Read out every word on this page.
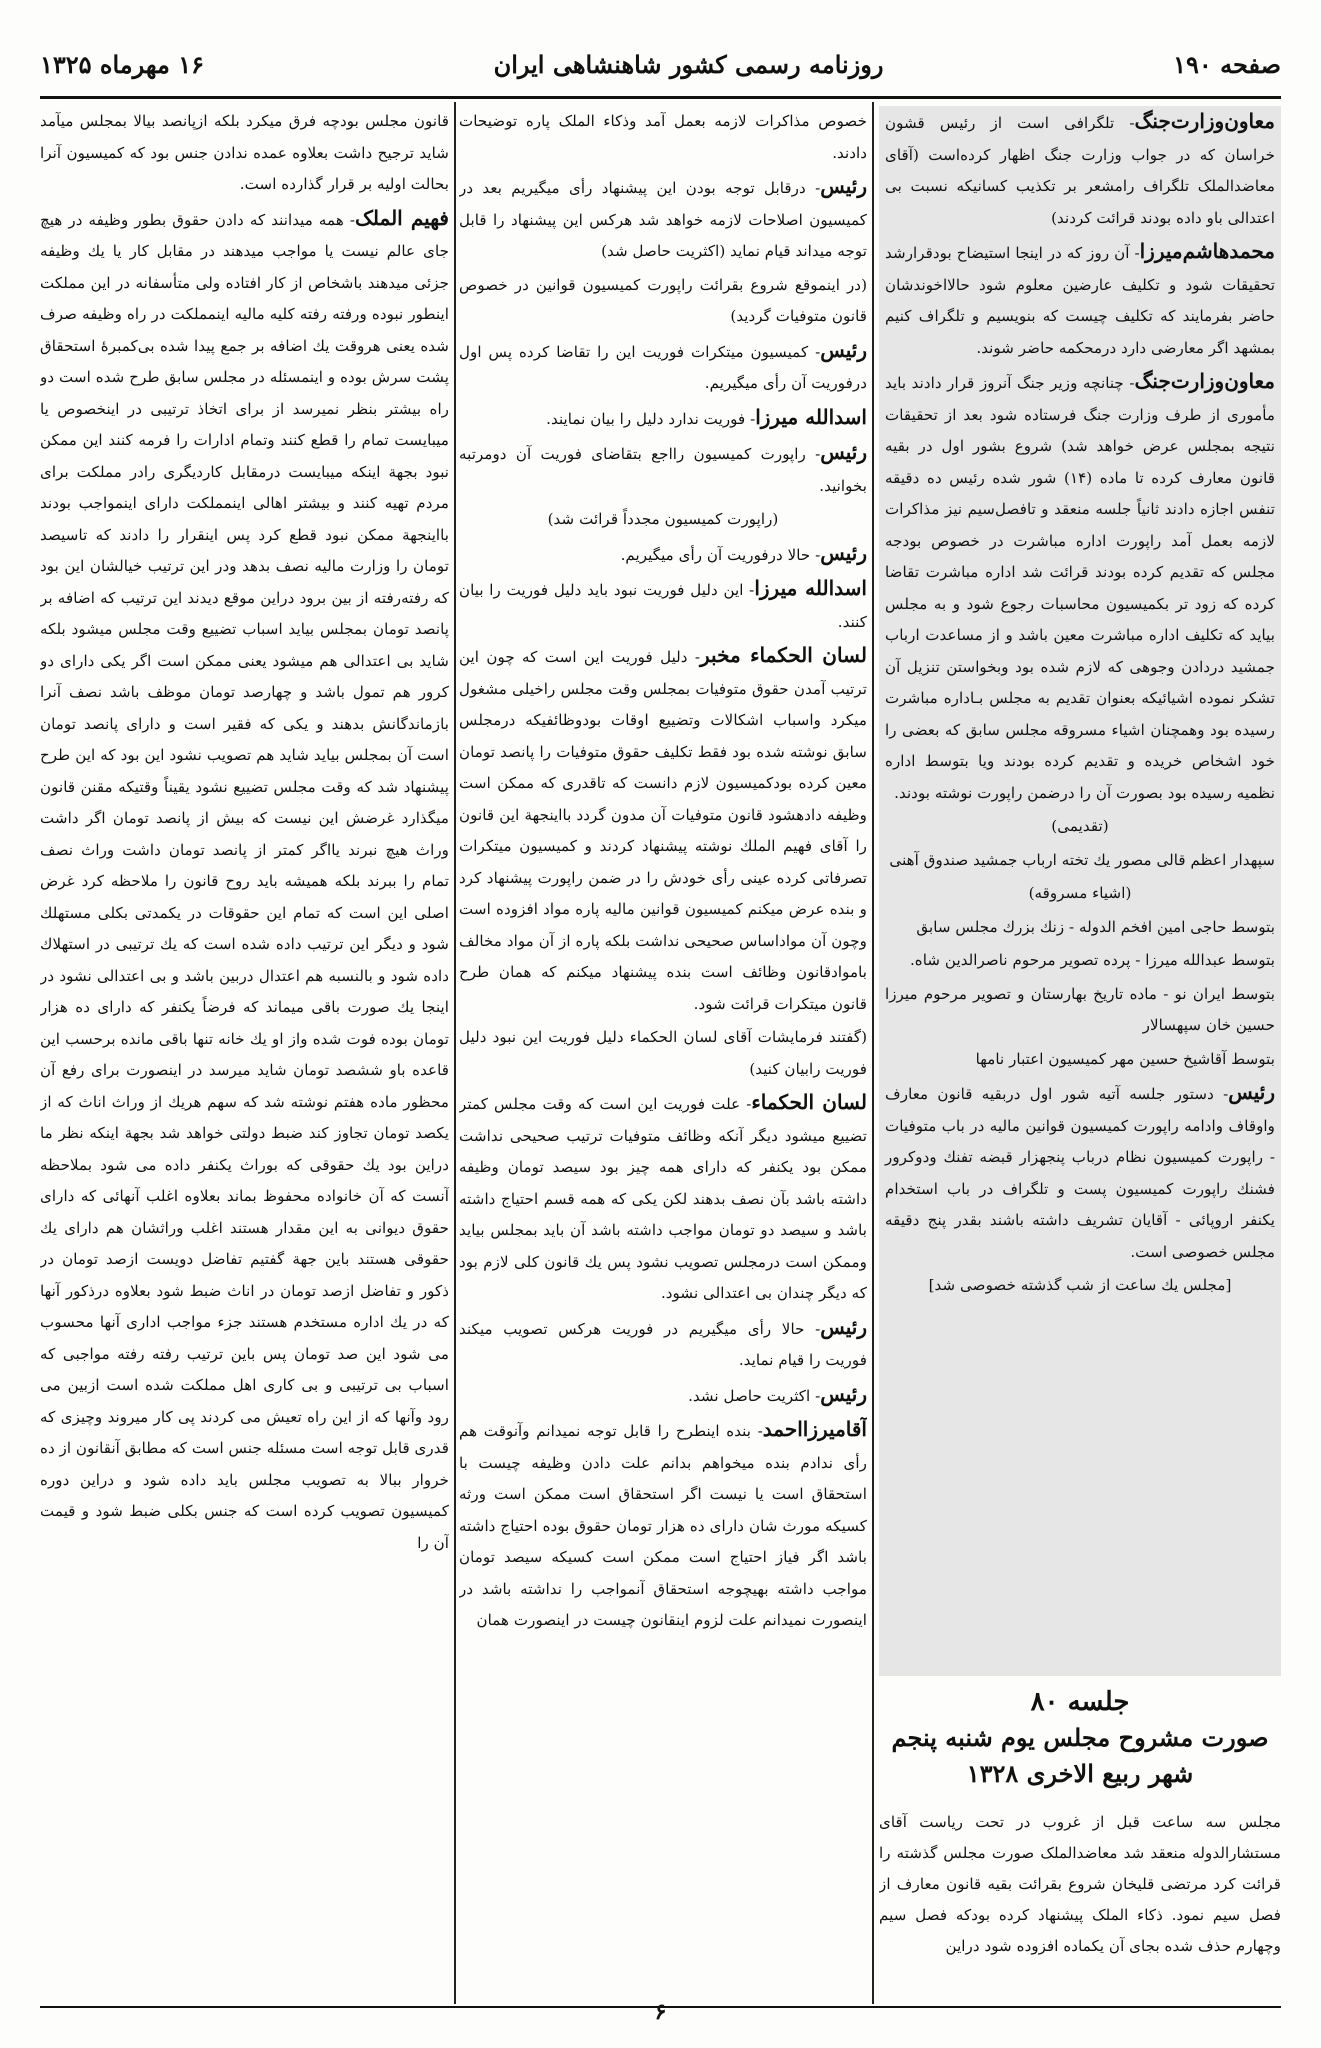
صفحه ۱۹۰
روزنامه رسمی کشور شاهنشاهی ایران
۱۶ مهرماه ۱۳۲۵

معاون‌وزارت‌جنگ- تلگرافی است از رئیس قشون خراسان که در جواب وزارت جنگ اظهار کرده‌است (آقای معاضدالملک تلگراف رامشعر بر تکذیب کسانیکه نسبت بی اعتدالی باو داده بودند قرائت کردند)

محمدهاشم‌میرزا- آن روز که در اینجا استیضاح بودقرارشد تحقیقات شود و تکلیف عارضین معلوم شود حالااخوندشان حاضر بفرمایند که تکلیف چیست که بنویسیم و تلگراف کنیم بمشهد اگر معارضی دارد درمحکمه حاضر شوند.

معاون‌وزارت‌جنگ- چنانچه وزیر جنگ آنروز قرار دادند باید مأموری از طرف وزارت جنگ فرستاده شود بعد از تحقیقات نتیجه بمجلس عرض خواهد شد) شروع بشور اول در بقیه قانون معارف کرده تا ماده (۱۴) شور شده رئیس ده دقیقه تنفس اجازه دادند ثانیاً جلسه منعقد و تافصل‌سیم نیز مذاکرات لازمه بعمل آمد راپورت اداره مباشرت در خصوص بودجه مجلس که تقدیم کرده بودند قرائت شد اداره مباشرت تقاضا کرده که زود تر بکمیسیون محاسبات رجوع شود و به مجلس بیاید که تکلیف اداره مباشرت معین باشد و از مساعدت ارباب جمشید دردادن وجوهی که لازم شده بود وبخواستن تنزیل آن تشکر نموده اشیائیکه بعنوان تقدیم به مجلس بـاداره مباشرت رسیده بود وهمچنان اشیاء مسروقه مجلس سابق که بعضی را خود اشخاص خریده و تقدیم کرده بودند ویا بتوسط اداره نظمیه رسیده بود بصورت آن را درضمن راپورت نوشته بودند.

(تقدیمی)

سپهدار اعظم قالی مصور یك تخته ارباب جمشید صندوق آهنی

(اشیاء مسروقه)

بتوسط حاجی امین افخم الدوله - زنك بزرك مجلس سابق

بتوسط عبدالله میرزا - پرده تصویر مرحوم ناصرالدین شاه.

بتوسط ایران نو - ماده تاریخ بهارستان و تصویر مرحوم میرزا حسین خان سپهسالار

بتوسط آقاشیخ حسین مهر کمیسیون اعتبار نامها

رئیس- دستور جلسه آتیه شور اول دربقیه قانون معارف واوقاف وادامه راپورت کمیسیون قوانین مالیه در باب متوفیات - راپورت کمیسیون نظام درباب پنجهزار قبضه تفنك ودوکرور فشنك راپورت کمیسیون پست و تلگراف در باب استخدام یکنفر اروپائی - آقایان تشریف داشته باشند بقدر پنج دقیقه مجلس خصوصی است.

[مجلس یك ساعت از شب گذشته خصوصی شد]

جلسه ۸۰

صورت مشروح مجلس یوم شنبه پنجم

شهر ربیع الاخری ۱۳۲۸

مجلس سه ساعت قبل از غروب در تحت ریاست آقای مستشارالدوله منعقد شد معاضدالملک صورت مجلس گذشته را قرائت کرد مرتضی قلیخان شروع بقرائت بقیه قانون معارف از فصل سیم نمود. ذکاء الملک پیشنهاد کرده بودکه فصل سیم وچهارم حذف شده بجای آن یکماده افزوده شود دراین

خصوص مذاکرات لازمه بعمل آمد وذکاء الملک پاره توضیحات دادند.

رئیس- درقابل توجه بودن این پیشنهاد رأی میگیریم بعد در کمیسیون اصلاحات لازمه خواهد شد هرکس این پیشنهاد را قابل توجه میداند قیام نماید (اکثریت حاصل شد)

(در اینموقع شروع بقرائت راپورت کمیسیون قوانین در خصوص قانون متوفیات گردید)

رئیس- کمیسیون میتکرات فوریت این را تقاضا کرده پس اول درفوریت آن رأی میگیریم.

اسدالله میرزا- فوریت ندارد دلیل را بیان نمایند.

رئیس- راپورت کمیسیون رااجع بتقاضای فوریت آن دومرتبه بخوانید.

(راپورت کمیسیون مجدداً قرائت شد)

رئیس- حالا درفوریت آن رأی میگیریم.

اسدالله میرزا- این دلیل فوریت نبود باید دلیل فوریت را بیان کنند.

لسان الحکماء مخبر- دلیل فوریت این است که چون این ترتیب آمدن حقوق متوفیات بمجلس وقت مجلس راخیلی مشغول میکرد واسباب اشکالات وتضییع اوقات بودوظائفیکه درمجلس سابق نوشته شده بود فقط تکلیف حقوق متوفیات را پانصد تومان معین کرده بودکمیسیون لازم دانست که تاقدری که ممکن است وظیفه دادهشود قانون متوفیات آن مدون گردد بااینجهة این قانون را آقای فهیم الملك نوشته پیشنهاد کردند و کمیسیون میتکرات تصرفاتی کرده عینی رأی خودش را در ضمن راپورت پیشنهاد کرد و بنده عرض میکنم کمیسیون قوانین مالیه پاره مواد افزوده است وچون آن مواداساس صحیحی نداشت بلکه پاره از آن مواد مخالف باموادقانون وظائف است بنده پیشنهاد میکنم که همان طرح قانون میتکرات قرائت شود.

(گفتند فرمایشات آقای لسان الحکماء دلیل فوریت این نبود دلیل فوریت رابیان کنید)

لسان الحکماء- علت فوریت این است که وقت مجلس کمتر تضییع میشود دیگر آنکه وظائف متوفیات ترتیب صحیحی نداشت ممکن بود یکنفر که دارای همه چیز بود سیصد تومان وظیفه داشته باشد بآن نصف بدهند لکن یکی که همه قسم احتیاج داشته باشد و سیصد دو تومان مواجب داشته باشد آن باید بمجلس بیاید وممکن است درمجلس تصویب نشود پس یك قانون کلی لازم بود که دیگر چندان بی اعتدالی نشود.

رئیس- حالا رأی میگیریم در فوریت هرکس تصویب میکند فوریت را قیام نماید.

رئیس- اکثریت حاصل نشد.

آقامیرزااحمد- بنده اینطرح را قابل توجه نمیدانم وآنوقت هم رأی ندادم بنده میخواهم بدانم علت دادن وظیفه چیست با استحقاق است یا نیست اگر استحقاق است ممکن است ورثه کسیکه مورث شان دارای ده هزار تومان حقوق بوده احتیاج داشته باشد اگر فیاز احتیاج است ممکن است کسیکه سیصد تومان مواجب داشته بهیچوجه استحقاق آنمواجب را نداشته باشد در اینصورت نمیدانم علت لزوم اینقانون چیست در اینصورت همان

قانون مجلس بودچه فرق میکرد بلکه ازپانصد بیالا بمجلس میآمد شاید ترجیح داشت بعلاوه عمده ندادن جنس بود که کمیسیون آنرا بحالت اولیه بر قرار گذارده است.

فهیم الملک- همه میدانند که دادن حقوق بطور وظیفه در هیچ جای عالم نیست یا مواجب میدهند در مقابل کار یا یك وظیفه جزئی میدهند باشخاص از کار افتاده ولی متأسفانه در این مملکت اینطور نبوده ورفته رفته کلیه مالیه اینمملکت در راه وظیفه صرف شده یعنی هروقت یك اضافه بر جمع پیدا شده بی‌کمبرهٔ استحقاق پشت سرش بوده و اینمسئله در مجلس سابق طرح شده است دو راه بیشتر بنظر نمیرسد از برای اتخاذ ترتیبی در اینخصوص یا میبایست تمام را قطع کنند وتمام ادارات را فرمه کنند این ممکن نبود بجهة اینکه میبایست درمقابل کاردیگری رادر مملکت برای مردم تهیه کنند و بیشتر اهالی اینمملکت دارای اینمواجب بودند بااینجهة ممکن نبود قطع کرد پس اینقرار را دادند که تاسیصد تومان را وزارت مالیه نصف بدهد ودر این ترتیب خیالشان این بود که رفته‌رفته از بین برود دراین موقع دیدند این ترتیب که اضافه بر پانصد تومان بمجلس بیاید اسباب تضییع وقت مجلس میشود بلکه شاید بی اعتدالی هم میشود یعنی ممکن است اگر یکی دارای دو کرور هم تمول باشد و چهارصد تومان موظف باشد نصف آنرا بازماندگانش بدهند و یکی که فقیر است و دارای پانصد تومان است آن بمجلس بیاید شاید هم تصویب نشود این بود که این طرح پیشنهاد شد که وقت مجلس تضییع نشود یقیناً وقتیکه مقنن قانون میگذارد غرضش این نیست که بیش از پانصد تومان اگر داشت وراث هیچ نبرند یااگر کمتر از پانصد تومان داشت وراث نصف تمام را ببرند بلکه همیشه باید روح قانون را ملاحظه کرد غرض اصلی این است که تمام این حقوقات در یکمدتی بکلی مستهلك شود و دیگر این ترتیب داده شده است که یك ترتیبی در استهلاك داده شود و بالنسبه هم اعتدال دربین باشد و بی اعتدالی نشود در اینجا یك صورت باقی میماند که فرضاً یکنفر که دارای ده هزار تومان بوده فوت شده واز او یك خانه تنها باقی مانده برحسب این قاعده باو ششصد تومان شاید میرسد در اینصورت برای رفع آن محظور ماده هفتم نوشته شد که سهم هریك از وراث اناث که از یکصد تومان تجاوز کند ضبط دولتی خواهد شد بجهة اینکه نظر ما دراین بود یك حقوقی که بوراث یکنفر داده می شود بملاحظه آنست که آن خانواده محفوظ بماند بعلاوه اغلب آنهائی که دارای حقوق دیوانی به این مقدار هستند اغلب وراثشان هم دارای یك حقوقی هستند باین جهة گفتیم تفاضل دویست ازصد تومان در ذکور و تفاضل ازصد تومان در اناث ضبط شود بعلاوه درذکور آنها که در یك اداره مستخدم هستند جزء مواجب اداری آنها محسوب می شود این صد تومان پس باین ترتیب رفته رفته مواجبی که اسباب بی ترتیبی و بی کاری اهل مملکت شده است ازبین می رود وآنها که از این راه تعیش می کردند پی کار میروند وچیزی که قدری قابل توجه است مسئله جنس است که مطابق آنقانون از ده خروار ببالا به تصویب مجلس باید داده شود و دراین دوره کمیسیون تصویب کرده است که جنس بکلی ضبط شود و قیمت آن را

۶
